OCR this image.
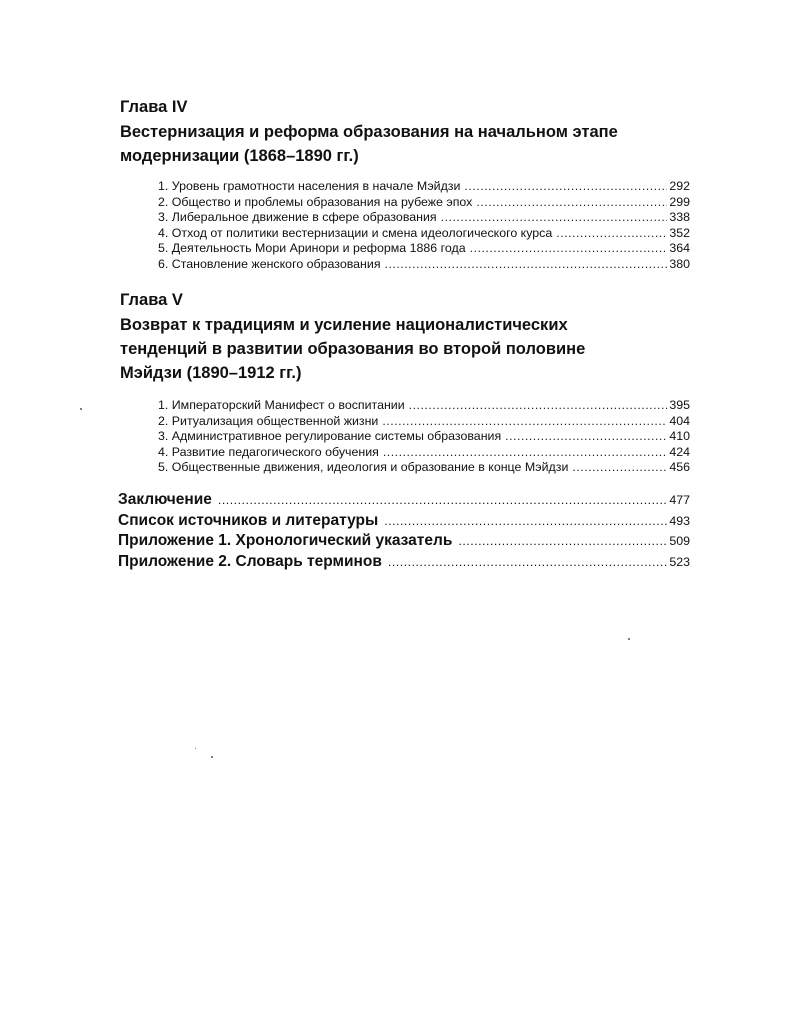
Глава IV

Вестернизация и реформа образования на начальном этапе

модернизации (1868–1890 гг.)

1. Уровень грамотности населения в начале Мэйдзи .....	292
2. Общество и проблемы образования на рубеже эпох .....	299
3. Либеральное движение в сфере образования .....	338
4. Отход от политики вестернизации и смена идеологического курса .....	352
5. Деятельность Мори Аринори и реформа 1886 года .....	364
6. Становление женского образования .....	380

Глава V

Возврат к традициям и усиление националистических

тенденций в развитии образования во второй половине

Мэйдзи (1890–1912 гг.)

1. Императорский Манифест о воспитании .....	395
2. Ритуализация общественной жизни .....	404
3. Административное регулирование системы образования .....	410
4. Развитие педагогического обучения .....	424
5. Общественные движения, идеология и образование в конце Мэйдзи .....	456
Заключение .....	477
Список источников и литературы .....	493
Приложение 1. Хронологический указатель .....	509
Приложение 2. Словарь терминов .....	523
